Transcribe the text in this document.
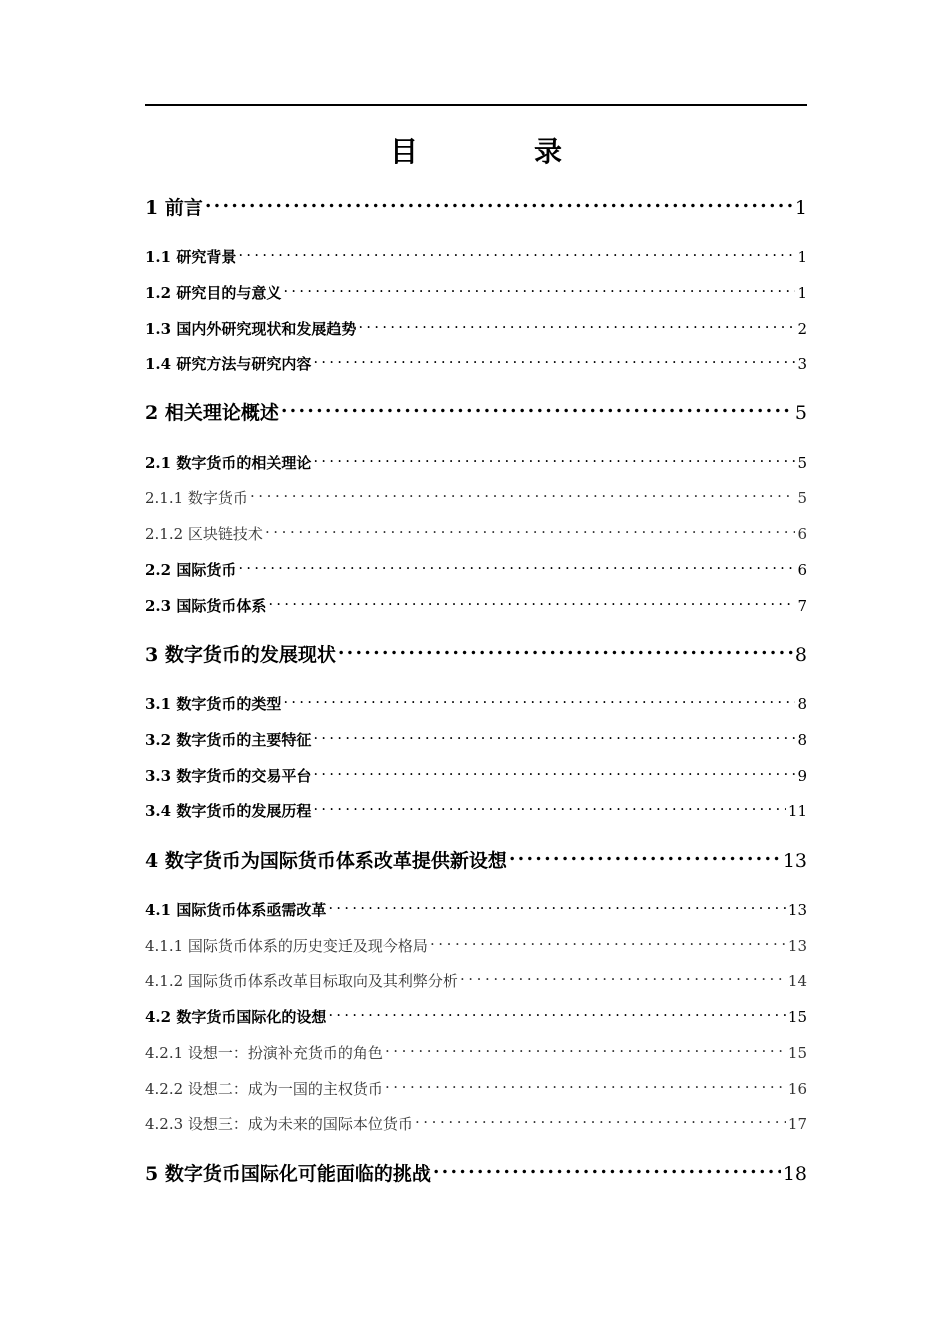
目　录
1 前言 .....	1
1.1 研究背景 .....	1
1.2 研究目的与意义 .....	1
1.3 国内外研究现状和发展趋势 .....	2
1.4 研究方法与研究内容 .....	3
2 相关理论概述 .....	5
2.1 数字货币的相关理论 .....	5
2.1.1 数字货币 .....	5
2.1.2 区块链技术 .....	6
2.2 国际货币 .....	6
2.3 国际货币体系 .....	7
3 数字货币的发展现状 .....	8
3.1 数字货币的类型 .....	8
3.2 数字货币的主要特征 .....	8
3.3 数字货币的交易平台 .....	9
3.4 数字货币的发展历程 .....	11
4 数字货币为国际货币体系改革提供新设想 .....	13
4.1 国际货币体系亟需改革 .....	13
4.1.1 国际货币体系的历史变迁及现今格局 .....	13
4.1.2 国际货币体系改革目标取向及其利弊分析 .....	14
4.2 数字货币国际化的设想 .....	15
4.2.1 设想一：扮演补充货币的角色 .....	15
4.2.2 设想二：成为一国的主权货币 .....	16
4.2.3 设想三：成为未来的国际本位货币 .....	17
5 数字货币国际化可能面临的挑战 .....	18
